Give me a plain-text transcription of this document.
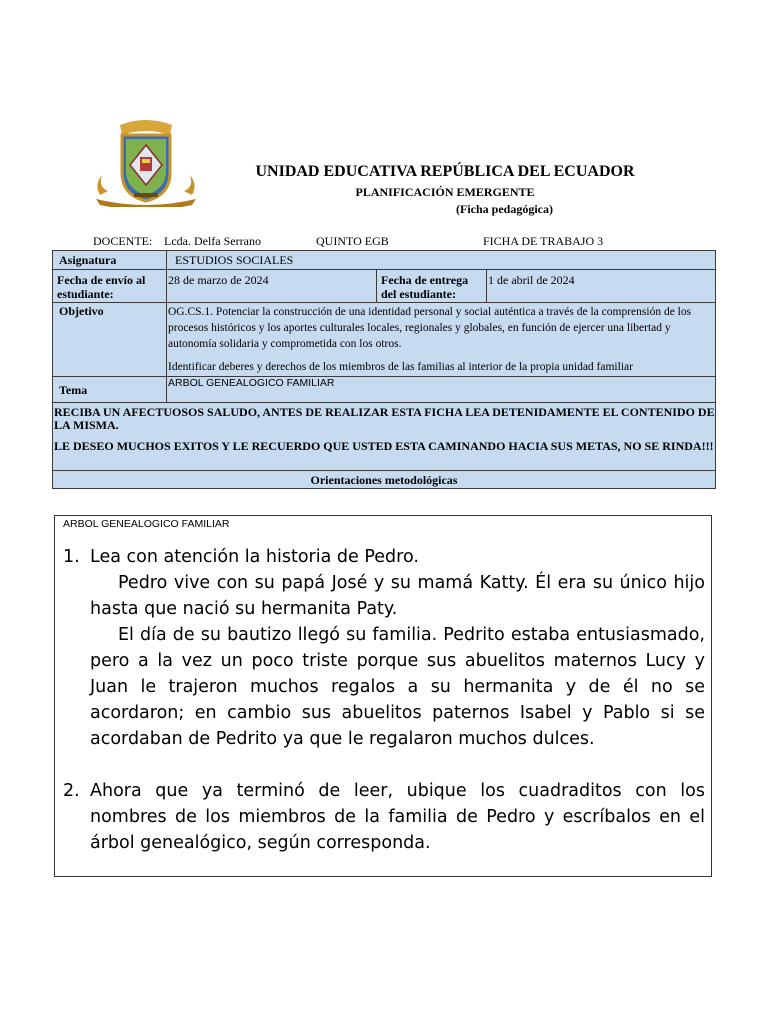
UNIDAD EDUCATIVA REPÚBLICA DEL ECUADOR
PLANIFICACIÓN EMERGENTE
(Ficha pedagógica)
DOCENTE: Lcda. Delfa Serrano	QUINTO EGB	FICHA DE TRABAJO 3
Asignatura	ESTUDIOS SOCIALES		
Fecha de envío al estudiante:	28 de marzo de 2024	Fecha de entrega del estudiante:	1 de abril de 2024
Objetivo	OG.CS.1. Potenciar la construcción de una identidad personal y social auténtica a través de la comprensión de los procesos históricos y los aportes culturales locales, regionales y globales, en función de ejercer una libertad y autonomía solidaria y comprometida con los otros.

Identificar deberes y derechos de los miembros de las familias al interior de la propia unidad familiar		

Tema	ARBOL GENEALOGICO FAMILIAR		

RECIBA UN AFECTUOSOS SALUDO, ANTES DE REALIZAR ESTA FICHA LEA DETENIDAMENTE EL CONTENIDO DE LA MISMA.

LE DESEO MUCHOS EXITOS Y LE RECUERDO QUE USTED ESTA CAMINANDO HACIA SUS METAS, NO SE RINDA!!!			

Orientaciones metodológicas			
ARBOL GENEALOGICO FAMILIAR
1. Lea con atención la historia de Pedro.

Pedro vive con su papá José y su mamá Katty. Él era su único hijo hasta que nació su hermanita Paty.

El día de su bautizo llegó su familia. Pedrito estaba entusiasmado, pero a la vez un poco triste porque sus abuelitos maternos Lucy y Juan le trajeron muchos regalos a su hermanita y de él no se acordaron; en cambio sus abuelitos paternos Isabel y Pablo si se acordaban de Pedrito ya que le regalaron muchos dulces.

2. Ahora que ya terminó de leer, ubique los cuadraditos con los nombres de los miembros de la familia de Pedro y escríbalos en el árbol genealógico, según corresponda.
